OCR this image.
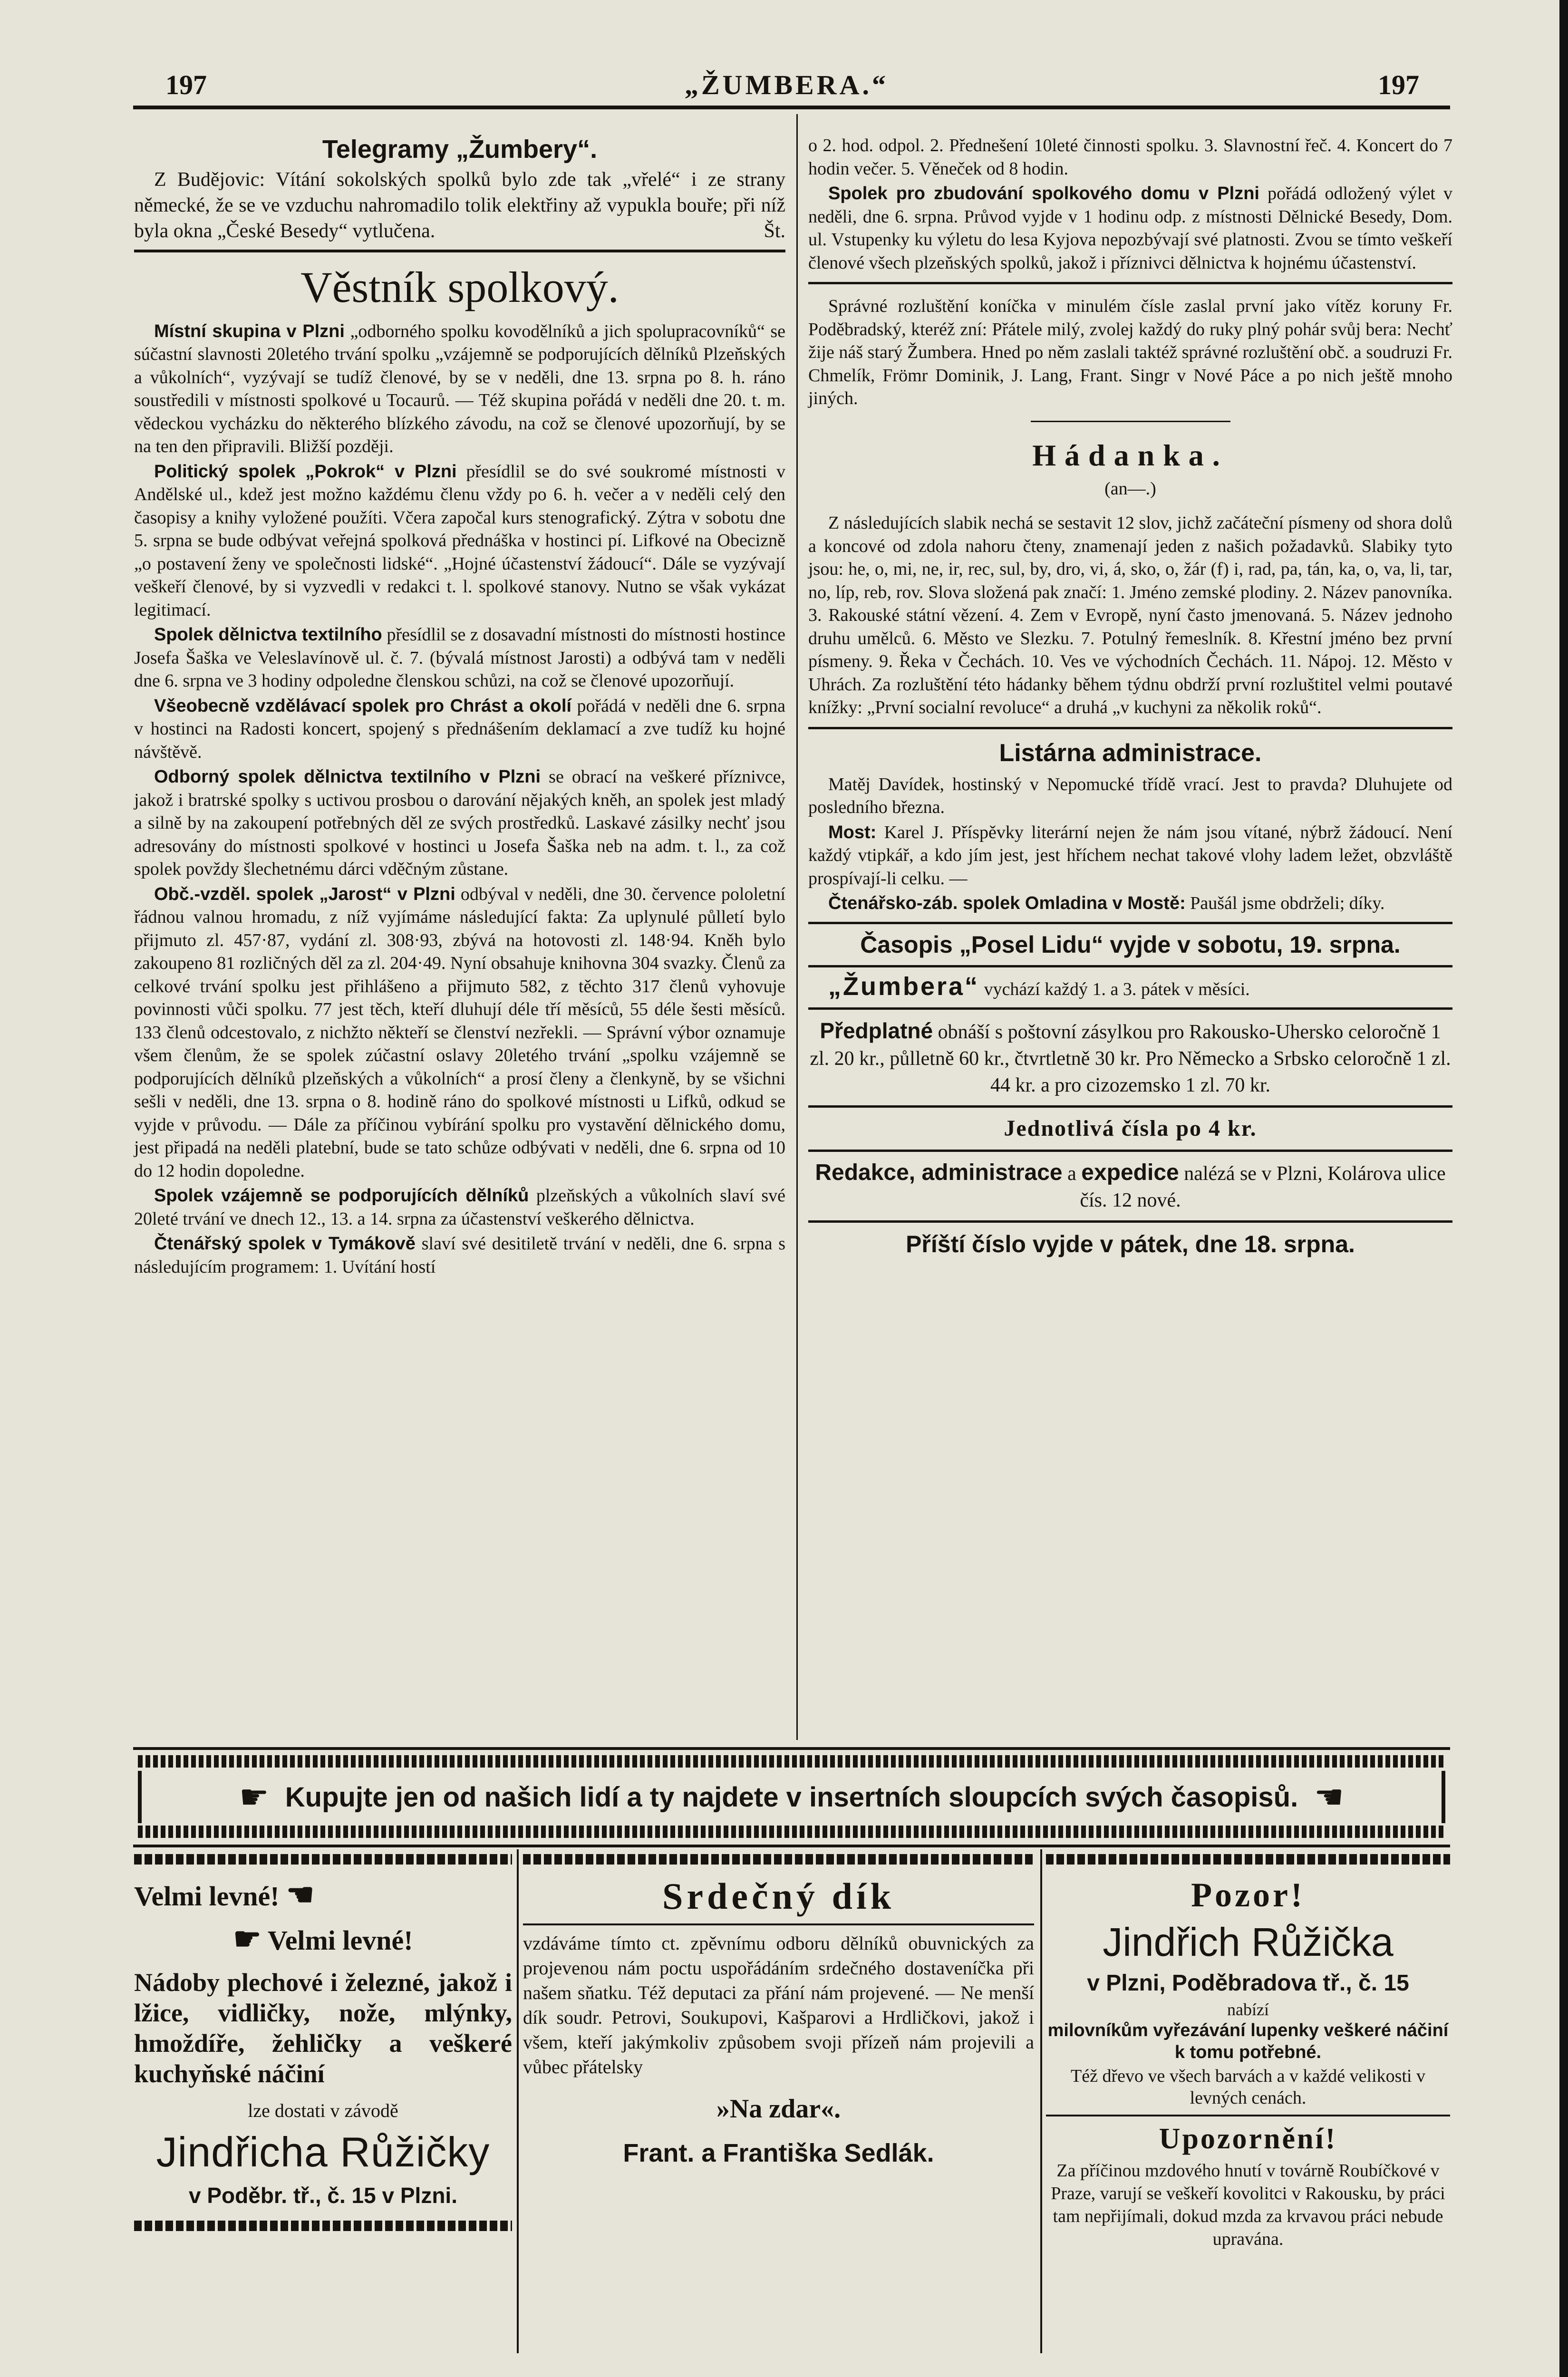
197	„ŽUMBERA.“	197
Telegramy „Žumbery“.

Z Budějovic: Vítání sokolských spolků bylo zde tak „vřelé“ i ze strany německé, že se ve vzduchu nahromadilo tolik elektřiny až vypukla bouře; při níž byla okna „České Besedy“ vytlučena.	Št.

Věstník spolkový.

Místní skupina v Plzni „odborného spolku kovodělníků a jich spolupracovníků“ se súčastní slavnosti 20letého trvání spolku „vzájemně se podporujících dělníků Plzeňských a vůkolních“, vyzývají se tudíž členové, by se v neděli, dne 13. srpna po 8. h. ráno soustředili v místnosti spolkové u Tocaurů. — Též skupina pořádá v neděli dne 20. t. m. vědeckou vycházku do některého blízkého závodu, na což se členové upozorňují, by se na ten den připravili. Bližší později.

Politický spolek „Pokrok“ v Plzni přesídlil se do své soukromé místnosti v Andělské ul., kdež jest možno každému členu vždy po 6. h. večer a v neděli celý den časopisy a knihy vyložené použíti. Včera započal kurs stenografický. Zýtra v sobotu dne 5. srpna se bude odbývat veřejná spolková přednáška v hostinci pí. Lifkové na Obecizně „o postavení ženy ve společnosti lidské“. „Hojné účastenství žádoucí“. Dále se vyzývají veškeří členové, by si vyzvedli v redakci t. l. spolkové stanovy. Nutno se však vykázat legitimací.

Spolek dělnictva textilního přesídlil se z dosavadní místnosti do místnosti hostince Josefa Šaška ve Veleslavínově ul. č. 7. (bývalá místnost Jarosti) a odbývá tam v neděli dne 6. srpna ve 3 hodiny odpoledne členskou schůzi, na což se členové upozorňují.

Všeobecně vzdělávací spolek pro Chrást a okolí pořádá v neděli dne 6. srpna v hostinci na Radosti koncert, spojený s přednášením deklamací a zve tudíž ku hojné návštěvě.

Odborný spolek dělnictva textilního v Plzni se obrací na veškeré příznivce, jakož i bratrské spolky s uctivou prosbou o darování nějakých kněh, an spolek jest mladý a silně by na zakoupení potřebných děl ze svých prostředků. Laskavé zásilky nechť jsou adresovány do místnosti spolkové v hostinci u Josefa Šaška neb na adm. t. l., za což spolek povždy šlechetnému dárci vděčným zůstane.

Obč.-vzděl. spolek „Jarost“ v Plzni odbýval v neděli, dne 30. července pololetní řádnou valnou hromadu, z níž vyjímáme následující fakta: Za uplynulé půlletí bylo přijmuto zl. 457·87, vydání zl. 308·93, zbývá na hotovosti zl. 148·94. Kněh bylo zakoupeno 81 rozličných děl za zl. 204·49. Nyní obsahuje knihovna 304 svazky. Členů za celkové trvání spolku jest přihlášeno a přijmuto 582, z těchto 317 členů vyhovuje povinnosti vůči spolku. 77 jest těch, kteří dluhují déle tří měsíců, 55 déle šesti měsíců. 133 členů odcestovalo, z nichžto někteří se členství nezřekli. — Správní výbor oznamuje všem členům, že se spolek zúčastní oslavy 20letého trvání „spolku vzájemně se podporujících dělníků plzeňských a vůkolních“ a prosí členy a členkyně, by se všichni sešli v neděli, dne 13. srpna o 8. hodině ráno do spolkové místnosti u Lifků, odkud se vyjde v průvodu. — Dále za příčinou vybírání spolku pro vystavění dělnického domu, jest připadá na neděli platební, bude se tato schůze odbývati v neděli, dne 6. srpna od 10 do 12 hodin dopoledne.

Spolek vzájemně se podporujících dělníků plzeňských a vůkolních slaví své 20leté trvání ve dnech 12., 13. a 14. srpna za účastenství veškerého dělnictva.

Čtenářský spolek v Tymákově slaví své desitiletě trvání v neděli, dne 6. srpna s následujícím programem: 1. Uvítání hostí

o 2. hod. odpol. 2. Přednešení 10leté činnosti spolku. 3. Slavnostní řeč. 4. Koncert do 7 hodin večer. 5. Věneček od 8 hodin.

Spolek pro zbudování spolkového domu v Plzni pořádá odložený výlet v neděli, dne 6. srpna. Průvod vyjde v 1 hodinu odp. z místnosti Dělnické Besedy, Dom. ul. Vstupenky ku výletu do lesa Kyjova nepozbývají své platnosti. Zvou se tímto veškeří členové všech plzeňských spolků, jakož i příznivci dělnictva k hojnému účastenství.

Správné rozluštění koníčka v minulém čísle zaslal první jako vítěz koruny Fr. Poděbradský, kteréž zní: Přátele milý, zvolej každý do ruky plný pohár svůj bera: Nechť žije náš starý Žumbera. Hned po něm zaslali taktéž správné rozluštění obč. a soudruzi Fr. Chmelík, Frömr Dominik, J. Lang, Frant. Singr v Nové Páce a po nich ještě mnoho jiných.

Hádanka.
(an—.)

Z následujících slabik nechá se sestavit 12 slov, jichž začáteční písmeny od shora dolů a koncové od zdola nahoru čteny, znamenají jeden z našich požadavků. Slabiky tyto jsou: he, o, mi, ne, ir, rec, sul, by, dro, vi, á, sko, o, žár (f) i, rad, pa, tán, ka, o, va, li, tar, no, líp, reb, rov. Slova složená pak značí: 1. Jméno zemské plodiny. 2. Název panovníka. 3. Rakouské státní vězení. 4. Zem v Evropě, nyní často jmenovaná. 5. Název jednoho druhu umělců. 6. Město ve Slezku. 7. Potulný řemeslník. 8. Křestní jméno bez první písmeny. 9. Řeka v Čechách. 10. Ves ve východních Čechách. 11. Nápoj. 12. Město v Uhrách. Za rozluštění této hádanky během týdnu obdrží první rozluštitel velmi poutavé knížky: „První socialní revoluce“ a druhá „v kuchyni za několik roků“.

Listárna administrace.

Matěj Davídek, hostinský v Nepomucké třídě vrací. Jest to pravda? Dluhujete od posledního března.

Most: Karel J. Příspěvky literární nejen že nám jsou vítané, nýbrž žádoucí. Není každý vtipkář, a kdo jím jest, jest hříchem nechat takové vlohy ladem ležet, obzvláště prospívají-li celku. —

Čtenářsko-záb. spolek Omladina v Mostě: Paušál jsme obdrželi; díky.

Časopis „Posel Lidu“ vyjde v sobotu, 19. srpna.

„Žumbera“ vychází každý 1. a 3. pátek v měsíci.

Předplatné obnáší s poštovní zásylkou pro Rakousko-Uhersko celoročně 1 zl. 20 kr., půlletně 60 kr., čtvrtletně 30 kr. Pro Německo a Srbsko celoročně 1 zl. 44 kr. a pro cizozemsko 1 zl. 70 kr.

Jednotlivá čísla po 4 kr.

Redakce, administrace a expedice nalézá se v Plzni, Kolárova ulice čís. 12 nové.

Příští číslo vyjde v pátek, dne 18. srpna.
☛ Kupujte jen od našich lidí a ty najdete v insertních sloupcích svých časopisů. ☛
Velmi levné! ☚
☛ Velmi levné!
Nádoby plechové i železné, jakož i lžice, vidličky, nože, mlýnky, hmoždíře, žehličky a veškeré kuchyňské náčiní
lze dostati v závodě
Jindřicha Růžičky
v Poděbr. tř., č. 15 v Plzni.
Srdečný dík
vzdáváme tímto ct. zpěvnímu odboru dělníků obuvnických za projevenou nám poctu uspořádáním srdečného dostaveníčka při našem sňatku. Též deputaci za přání nám projevené. — Ne menší dík soudr. Petrovi, Soukupovi, Kašparovi a Hrdličkovi, jakož i všem, kteří jakýmkoliv způsobem svoji přízeň nám projevili a vůbec přátelsky
»Na zdar«.
Frant. a Františka Sedlák.
Pozor!
Jindřich Růžička
v Plzni, Poděbradova tř., č. 15
nabízí
milovníkům vyřezávání lupenky veškeré náčiní k tomu potřebné.
Též dřevo ve všech barvách a v každé velikosti v levných cenách.
Upozornění!
Za příčinou mzdového hnutí v továrně Roubíčkové v Praze, varují se veškeří kovolitci v Rakousku, by práci tam nepřijímali, dokud mzda za krvavou práci nebude upravána.
